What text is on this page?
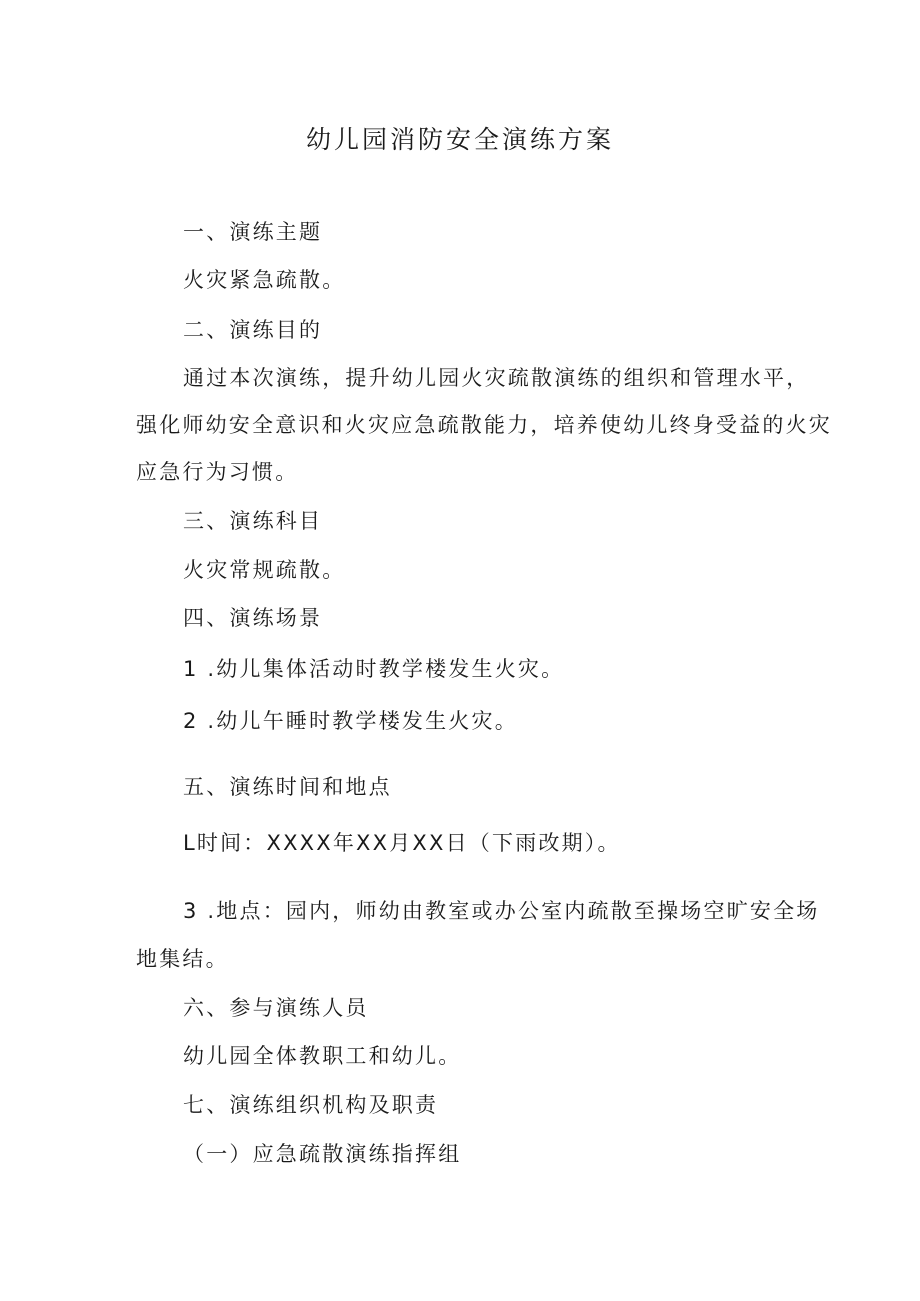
幼儿园消防安全演练方案
一、演练主题
火灾紧急疏散。
二、演练目的
通过本次演练，提升幼儿园火灾疏散演练的组织和管理水平，
强化师幼安全意识和火灾应急疏散能力，培养使幼儿终身受益的火灾
应急行为习惯。
三、演练科目
火灾常规疏散。
四、演练场景
1 .幼儿集体活动时教学楼发生火灾。
2 .幼儿午睡时教学楼发生火灾。
五、演练时间和地点
L时间：XXXX年XX月XX日（下雨改期）。
3 .地点：园内，师幼由教室或办公室内疏散至操场空旷安全场
地集结。
六、参与演练人员
幼儿园全体教职工和幼儿。
七、演练组织机构及职责
（一）应急疏散演练指挥组
